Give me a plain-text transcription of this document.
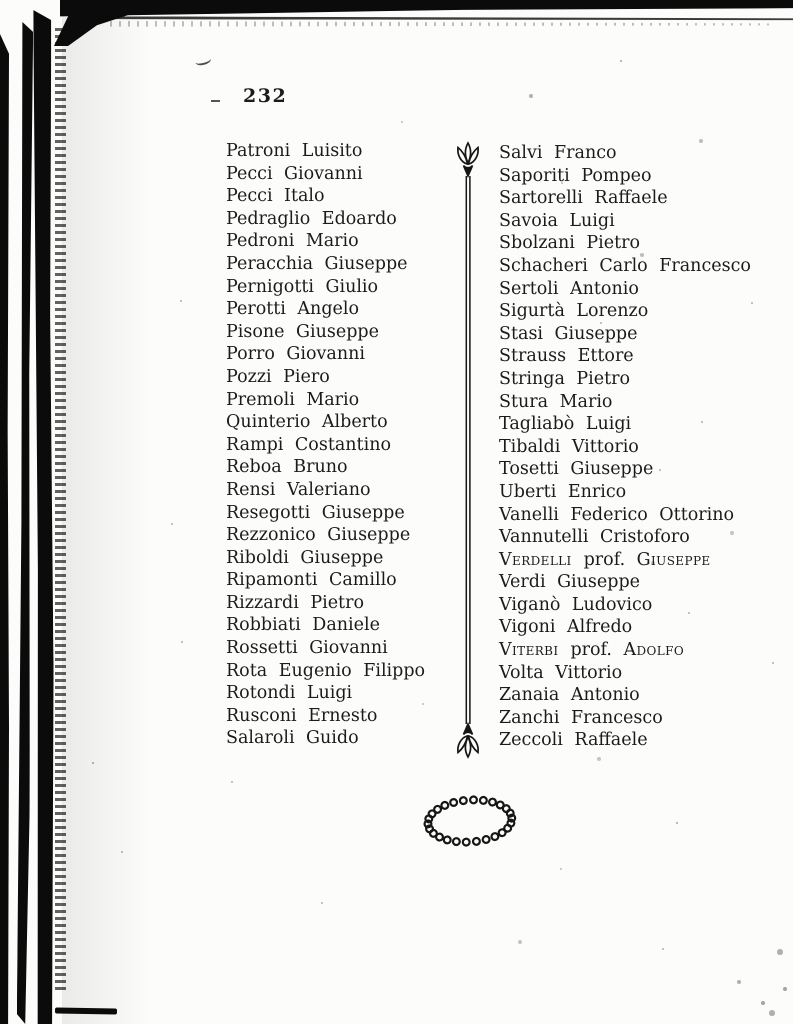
232
Patroni Luisito
Pecci Giovanni
Pecci Italo
Pedraglio Edoardo
Pedroni Mario
Peracchia Giuseppe
Pernigotti Giulio
Perotti Angelo
Pisone Giuseppe
Porro Giovanni
Pozzi Piero
Premoli Mario
Quinterio Alberto
Rampi Costantino
Reboa Bruno
Rensi Valeriano
Resegotti Giuseppe
Rezzonico Giuseppe
Riboldi Giuseppe
Ripamonti Camillo
Rizzardi Pietro
Robbiati Daniele
Rossetti Giovanni
Rota Eugenio Filippo
Rotondi Luigi
Rusconi Ernesto
Salaroli Guido
Salvi Franco
Saporiti Pompeo
Sartorelli Raffaele
Savoia Luigi
Sbolzani Pietro
Schacheri Carlo Francesco
Sertoli Antonio
Sigurtà Lorenzo
Stasi Giuseppe
Strauss Ettore
Stringa Pietro
Stura Mario
Tagliabò Luigi
Tibaldi Vittorio
Tosetti Giuseppe
Uberti Enrico
Vanelli Federico Ottorino
Vannutelli Cristoforo
Verdelli prof. Giuseppe
Verdi Giuseppe
Viganò Ludovico
Vigoni Alfredo
Viterbi prof. Adolfo
Volta Vittorio
Zanaia Antonio
Zanchi Francesco
Zeccoli Raffaele
